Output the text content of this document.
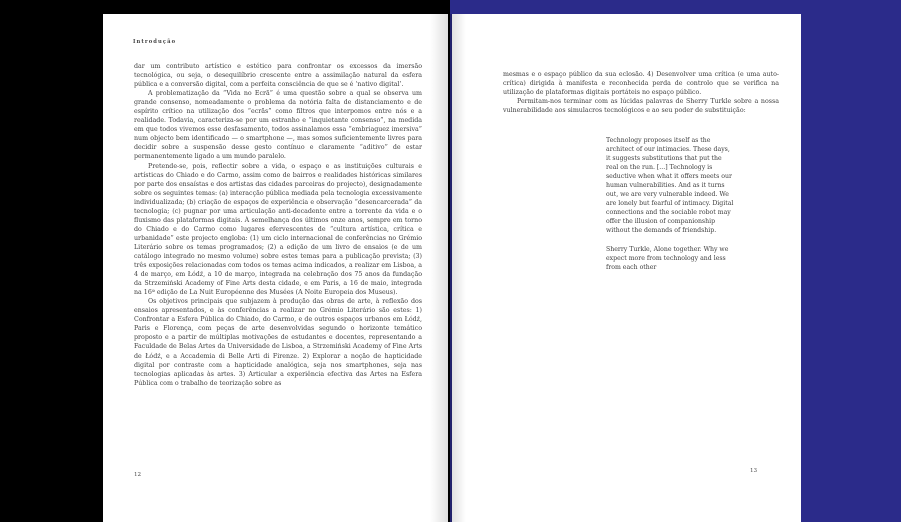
Introdução

dar um contributo artístico e estético para confrontar os excessos da imersão tecnológica, ou seja, o desequilíbrio crescente entre a assimilação natural da esfera pública e a conversão digital, com a perfeita consciência de que se é ‘nativo digital’.

A problematização da “Vida no Ecrã” é uma questão sobre a qual se observa um grande consenso, nomeadamente o problema da notória falta de distanciamento e de espírito crítico na utilização dos “ecrãs” como filtros que interpomos entre nós e a realidade. Todavia, caracteriza-se por um estranho e “inquietante consenso”, na medida em que todos vivemos esse desfasamento, todos assinalamos essa “embriaguez imersiva” num objecto bem identificado — o smartphone —, mas somos suficientemente livres para decidir sobre a suspensão desse gesto contínuo e claramente “aditivo” de estar permanentemente ligado a um mundo paralelo.

Pretende-se, pois, reflectir sobre a vida, o espaço e as instituições culturais e artísticas do Chiado e do Carmo, assim como de bairros e realidades históricas similares por parte dos ensaístas e dos artistas das cidades parceiras do projecto), designadamente sobre os seguintes temas: (a) interacção pública mediada pela tecnologia excessivamente individualizada; (b) criação de espaços de experiência e observação “desencarcerada” da tecnologia; (c) pugnar por uma articulação anti-decadente entre a torrente da vida e o fluxismo das plataformas digitais. À semelhança dos últimos onze anos, sempre em torno do Chiado e do Carmo como lugares efervescentes de “cultura artística, crítica e urbanidade” este projecto engloba: (1) um ciclo internacional de conferências no Grémio Literário sobre os temas programados; (2) a edição de um livro de ensaios (e de um catálogo integrado no mesmo volume) sobre estes temas para a publicação prevista; (3) três exposições relacionadas com todos os temas acima indicados, a realizar em Lisboa, a 4 de março, em Łódź, a 10 de março, integrada na celebração dos 75 anos da fundação da Strzemiński Academy of Fine Arts desta cidade, e em Paris, a 16 de maio, integrada na 16ª edição de La Nuit Européenne des Musées (A Noite Europeia dos Museus).

Os objetivos principais que subjazem à produção das obras de arte, à reflexão dos ensaios apresentados, e às conferências a realizar no Grémio Literário são estes: 1) Confrontar a Esfera Pública do Chiado, do Carmo, e de outros espaços urbanos em Łódź, Paris e Florença, com peças de arte desenvolvidas segundo o horizonte temático proposto e a partir de múltiplas motivações de estudantes e docentes, representando a Faculdade de Belas Artes da Universidade de Lisboa, a Strzemiński Academy of Fine Arts de Łódź, e a Accademia di Belle Arti di Firenze. 2) Explorar a noção de hapticidade digital por contraste com a hapticidade analógica, seja nos smartphones, seja nas tecnologias aplicadas às artes. 3) Articular a experiência efectiva das Artes na Esfera Pública com o trabalho de teorização sobre as

12

mesmas e o espaço público da sua eclosão. 4) Desenvolver uma crítica (e uma auto-crítica) dirigida à manifesta e reconhecida perda de controlo que se verifica na utilização de plataformas digitais portáteis no espaço público.

Permitam-nos terminar com as lúcidas palavras de Sherry Turkle sobre a nossa vulnerabilidade aos simulacros tecnológicos e ao seu poder de substituição:

Technology proposes itself as the architect of our intimacies. These days, it suggests substitutions that put the real on the run. [...] Technology is seductive when what it offers meets our human vulnerabilities. And as it turns out, we are very vulnerable indeed. We are lonely but fearful of intimacy. Digital connections and the sociable robot may offer the illusion of companionship without the demands of friendship.

Sherry Turkle, Alone together. Why we expect more from technology and less from each other

13
